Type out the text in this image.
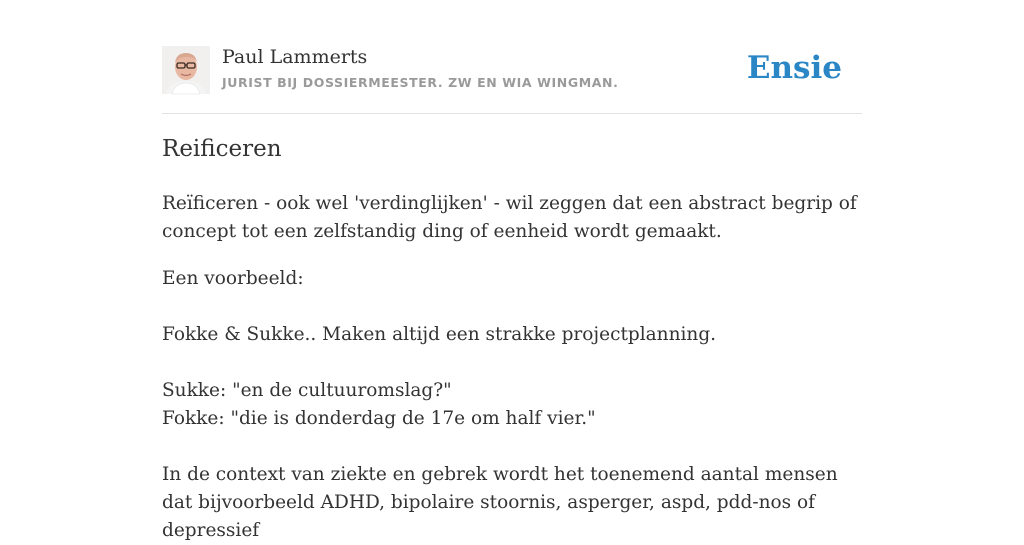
Paul Lammerts
JURIST BIJ DOSSIERMEESTER. ZW EN WIA WINGMAN.	Ensie
Reificeren

Reïficeren - ook wel 'verdinglijken' - wil zeggen dat een abstract begrip of concept tot een zelfstandig ding of eenheid wordt gemaakt.

Een voorbeeld:

Fokke & Sukke.. Maken altijd een strakke projectplanning.

Sukke: "en de cultuuromslag?"

Fokke: "die is donderdag de 17e om half vier."

In de context van ziekte en gebrek wordt het toenemend aantal mensen dat bijvoorbeeld ADHD, bipolaire stoornis, asperger, aspd, pdd-nos of depressief
